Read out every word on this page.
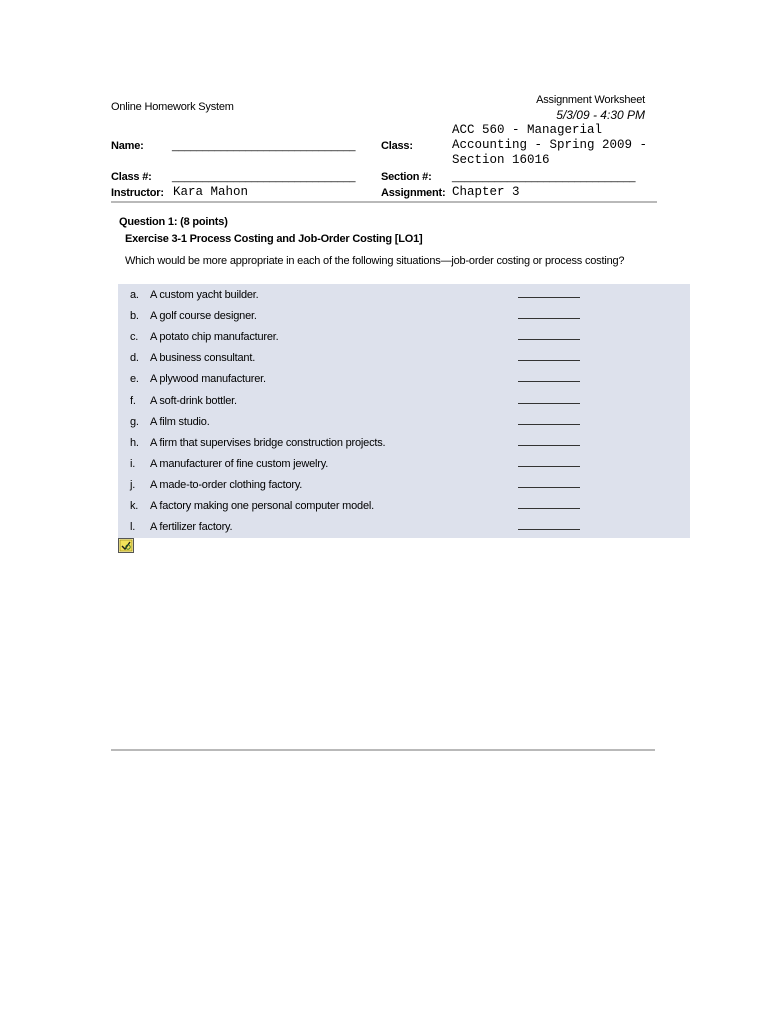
Online Homework System
Assignment Worksheet
5/3/09 - 4:30 PM
Name:	______________________________ Class:
ACC 560 - Managerial Accounting - Spring 2009 - Section 16016
Class #: ______________________________ Section #: ______________________________
Instructor: Kara Mahon	Assignment: Chapter 3
Question 1: (8 points)
Exercise 3-1 Process Costing and Job-Order Costing [LO1]
Which would be more appropriate in each of the following situations—job-order costing or process costing?
a. A custom yacht builder.
b. A golf course designer.
c. A potato chip manufacturer.
d. A business consultant.
e. A plywood manufacturer.
f. A soft-drink bottler.
g. A film studio.
h. A firm that supervises bridge construction projects.
i. A manufacturer of fine custom jewelry.
j. A made-to-order clothing factory.
k. A factory making one personal computer model.
l. A fertilizer factory.
